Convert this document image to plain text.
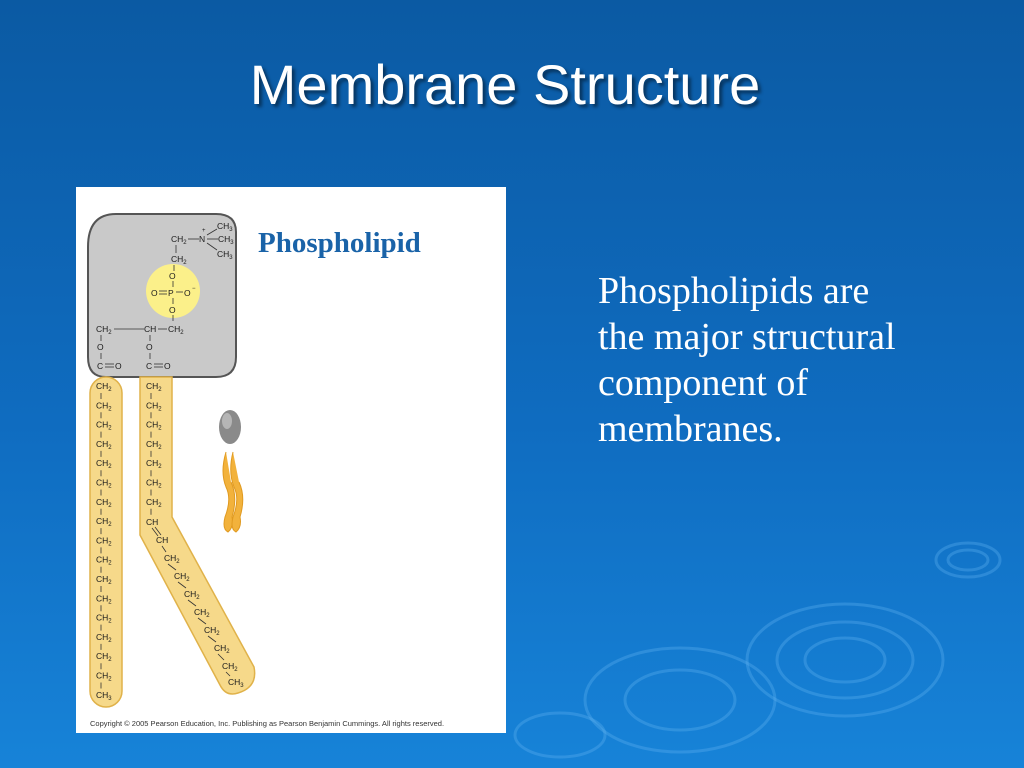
Membrane Structure
$CH_2$ N
+ $CH_3$
$CH_3$
$CH_3$
$CH_2$
O
O P O −
O
$CH_2$	CH $CH_2$
O	O
C O	C O
$CH_2$
$CH_2$
$CH_2$
$CH_2$
$CH_2$
$CH_2$
$CH_2$
$CH_2$
$CH_2$
$CH_2$
$CH_2$
$CH_2$
$CH_2$
$CH_2$
$CH_2$
$CH_2$
$CH_3$
$CH_2$
$CH_2$
$CH_2$
$CH_2$
$CH_2$
$CH_2$
$CH_2$
CH
CH
$CH_2$
$CH_2$
$CH_2$
$CH_2$
$CH_2$
$CH_2$
$CH_2$
$CH_3$
Phospholipid
Copyright © 2005 Pearson Education, Inc. Publishing as Pearson Benjamin Cummings. All rights reserved.
Phospholipids are
the major structural
component of
membranes.
